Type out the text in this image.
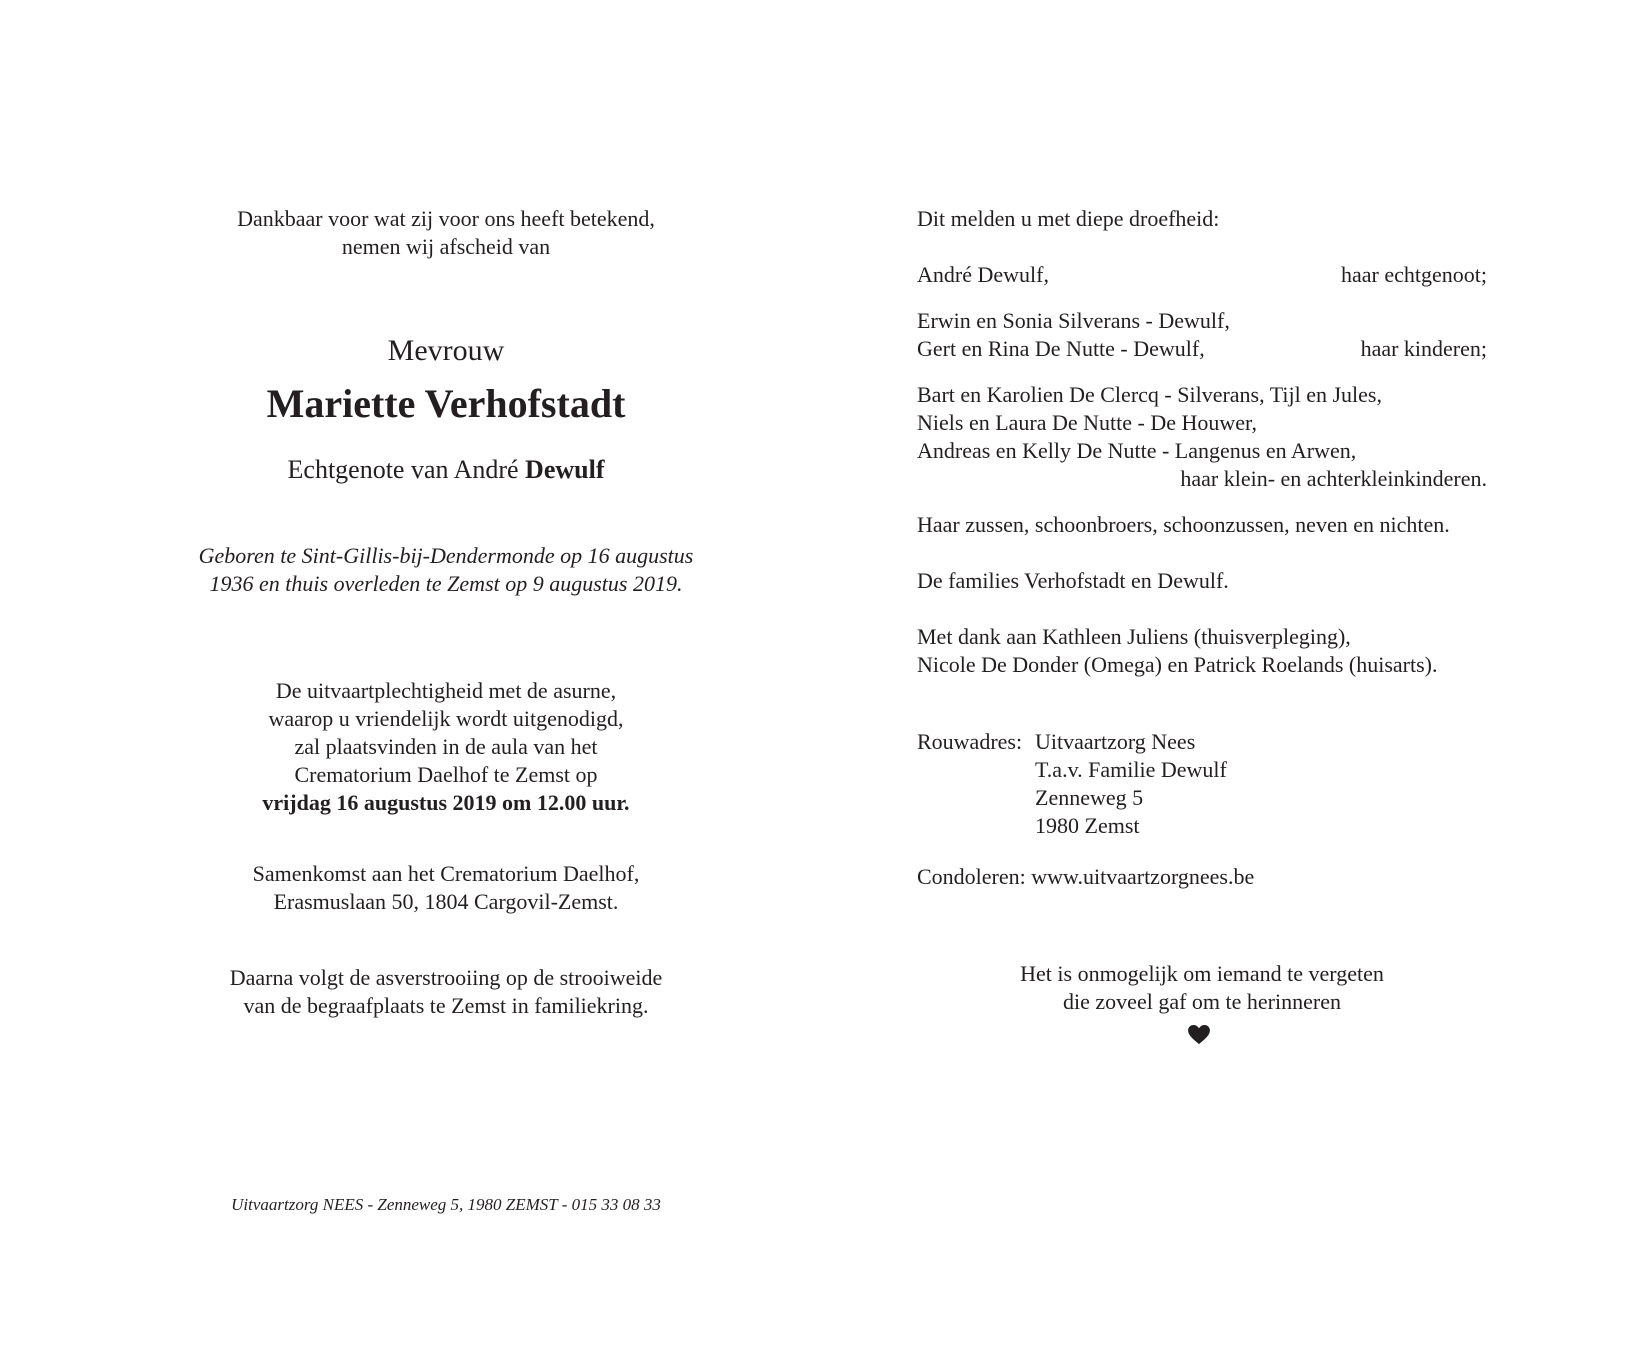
Dankbaar voor wat zij voor ons heeft betekend,
nemen wij afscheid van
Mevrouw
Mariette Verhofstadt
Echtgenote van André Dewulf
Geboren te Sint-Gillis-bij-Dendermonde op 16 augustus
1936 en thuis overleden te Zemst op 9 augustus 2019.
De uitvaartplechtigheid met de asurne,
waarop u vriendelijk wordt uitgenodigd,
zal plaatsvinden in de aula van het
Crematorium Daelhof te Zemst op
vrijdag 16 augustus 2019 om 12.00 uur.
Samenkomst aan het Crematorium Daelhof,
Erasmuslaan 50, 1804 Cargovil-Zemst.
Daarna volgt de asverstrooiing op de strooiweide
van de begraafplaats te Zemst in familiekring.
Uitvaartzorg NEES - Zenneweg 5, 1980 ZEMST - 015 33 08 33
Dit melden u met diepe droefheid:
André Dewulf,	haar echtgenoot;
Erwin en Sonia Silverans - Dewulf,
Gert en Rina De Nutte - Dewulf,	haar kinderen;
Bart en Karolien De Clercq - Silverans, Tijl en Jules,
Niels en Laura De Nutte - De Houwer,
Andreas en Kelly De Nutte - Langenus en Arwen,
haar klein- en achterkleinkinderen.
Haar zussen, schoonbroers, schoonzussen, neven en nichten.
De families Verhofstadt en Dewulf.
Met dank aan Kathleen Juliens (thuisverpleging),
Nicole De Donder (Omega) en Patrick Roelands (huisarts).
Rouwadres: Uitvaartzorg Nees
T.a.v. Familie Dewulf
Zenneweg 5
1980 Zemst
Condoleren: www.uitvaartzorgnees.be
Het is onmogelijk om iemand te vergeten
die zoveel gaf om te herinneren
